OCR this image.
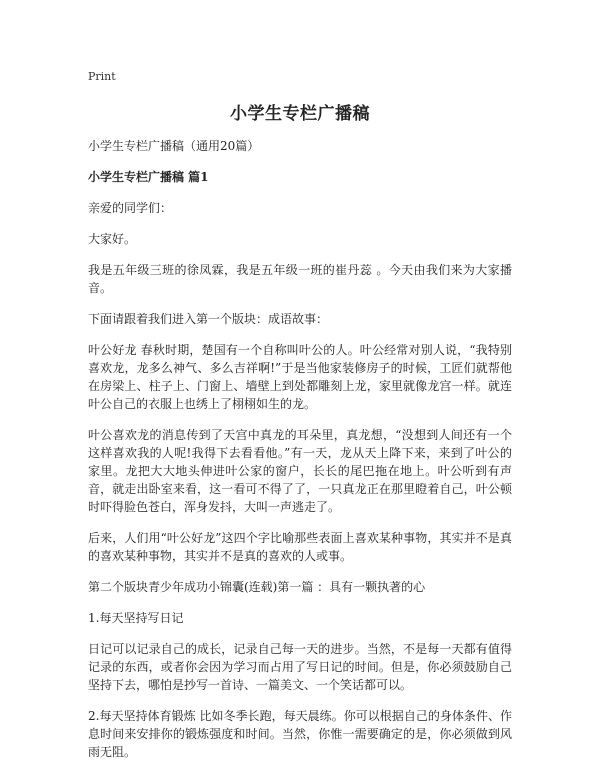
Print
小学生专栏广播稿
小学生专栏广播稿（通用20篇）
小学生专栏广播稿 篇1
亲爱的同学们：
大家好。
我是五年级三班的徐凤霖，我是五年级一班的崔丹蕊 。今天由我们来为大家播音。
下面请跟着我们进入第一个版块：成语故事：
叶公好龙 春秋时期，楚国有一个自称叫叶公的人。叶公经常对别人说，“我特别喜欢龙，龙多么神气、多么吉祥啊!”于是当他家装修房子的时候，工匠们就帮他在房梁上、柱子上、门窗上、墙壁上到处都雕刻上龙，家里就像龙宫一样。就连叶公自己的衣服上也绣上了栩栩如生的龙。
叶公喜欢龙的消息传到了天宫中真龙的耳朵里，真龙想，“没想到人间还有一个这样喜欢我的人呢!我得下去看看他。”有一天，龙从天上降下来，来到了叶公的家里。龙把大大地头伸进叶公家的窗户，长长的尾巴拖在地上。叶公听到有声音，就走出卧室来看，这一看可不得了了，一只真龙正在那里瞪着自己，叶公顿时吓得脸色苍白，浑身发抖，大叫一声逃走了。
后来，人们用“叶公好龙”这四个字比喻那些表面上喜欢某种事物，其实并不是真的喜欢某种事物，其实并不是真的喜欢的人或事。
第二个版块青少年成功小锦囊(连载)第一篇 ：具有一颗执著的心
1.每天坚持写日记
日记可以记录自己的成长，记录自己每一天的进步。当然，不是每一天都有值得记录的东西，或者你会因为学习而占用了写日记的时间。但是，你必须鼓励自己坚持下去，哪怕是抄写一首诗、一篇美文、一个笑话都可以。
2.每天坚持体育锻炼 比如冬季长跑，每天晨练。你可以根据自己的身体条件、作息时间来安排你的锻炼强度和时间。当然，你惟一需要确定的是，你必须做到风雨无阻。
